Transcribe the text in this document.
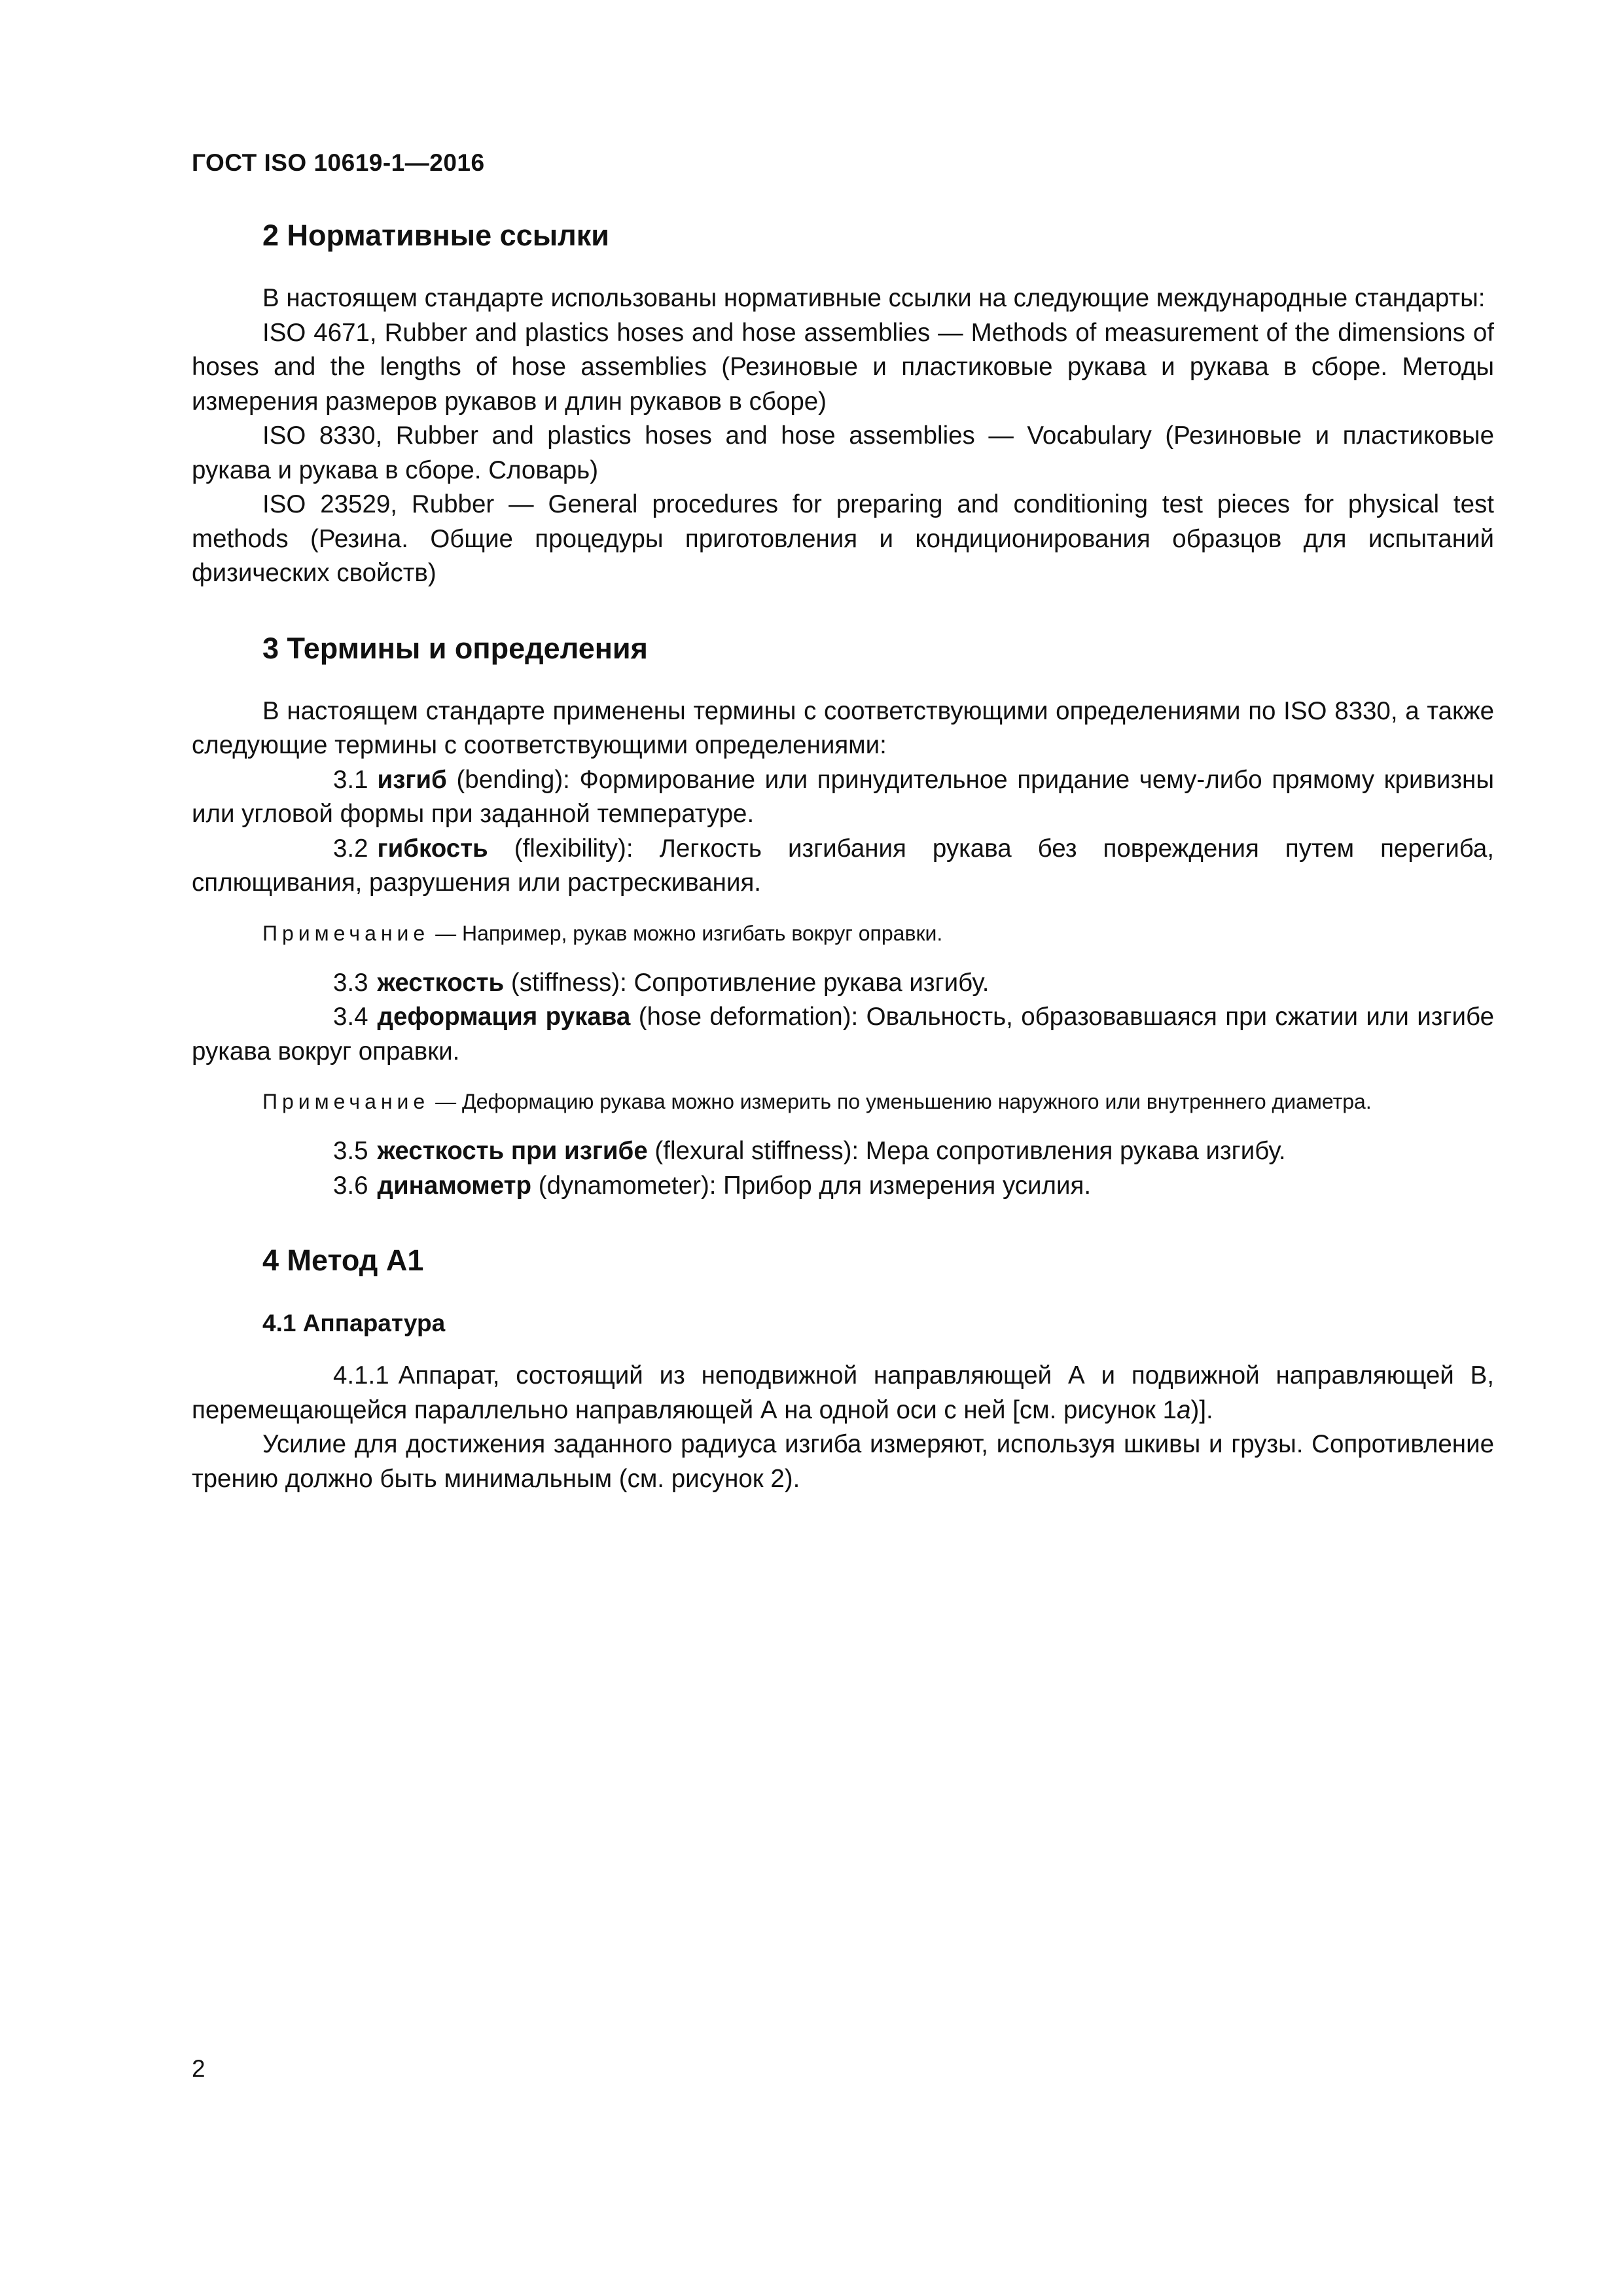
ГОСТ ISO 10619-1—2016
2 Нормативные ссылки

В настоящем стандарте использованы нормативные ссылки на следующие международные стандарты:

ISO 4671, Rubber and plastics hoses and hose assemblies — Methods of measurement of the dimensions of hoses and the lengths of hose assemblies (Резиновые и пластиковые рукава и рукава в сборе. Методы измерения размеров рукавов и длин рукавов в сборе)

ISO 8330, Rubber and plastics hoses and hose assemblies — Vocabulary (Резиновые и пластиковые рукава и рукава в сборе. Словарь)

ISO 23529, Rubber — General procedures for preparing and conditioning test pieces for physical test methods (Резина. Общие процедуры приготовления и кондиционирования образцов для испытаний физических свойств)

3 Термины и определения

В настоящем стандарте применены термины с соответствующими определениями по ISO 8330, а также следующие термины с соответствующими определениями:

3.1 изгиб (bending): Формирование или принудительное придание чему-либо прямому кривизны или угловой формы при заданной температуре.

3.2 гибкость (flexibility): Легкость изгибания рукава без повреждения путем перегиба, сплющивания, разрушения или растрескивания.

Примечание — Например, рукав можно изгибать вокруг оправки.

3.3 жесткость (stiffness): Сопротивление рукава изгибу.

3.4 деформация рукава (hose deformation): Овальность, образовавшаяся при сжатии или изгибе рукава вокруг оправки.

Примечание — Деформацию рукава можно измерить по уменьшению наружного или внутреннего диаметра.

3.5 жесткость при изгибе (flexural stiffness): Мера сопротивления рукава изгибу.

3.6 динамометр (dynamometer): Прибор для измерения усилия.

4 Метод А1
4.1 Аппаратура

4.1.1 Аппарат, состоящий из неподвижной направляющей А и подвижной направляющей В, перемещающейся параллельно направляющей А на одной оси с ней [см. рисунок 1а)].

Усилие для достижения заданного радиуса изгиба измеряют, используя шкивы и грузы. Сопротивление трению должно быть минимальным (см. рисунок 2).

2
